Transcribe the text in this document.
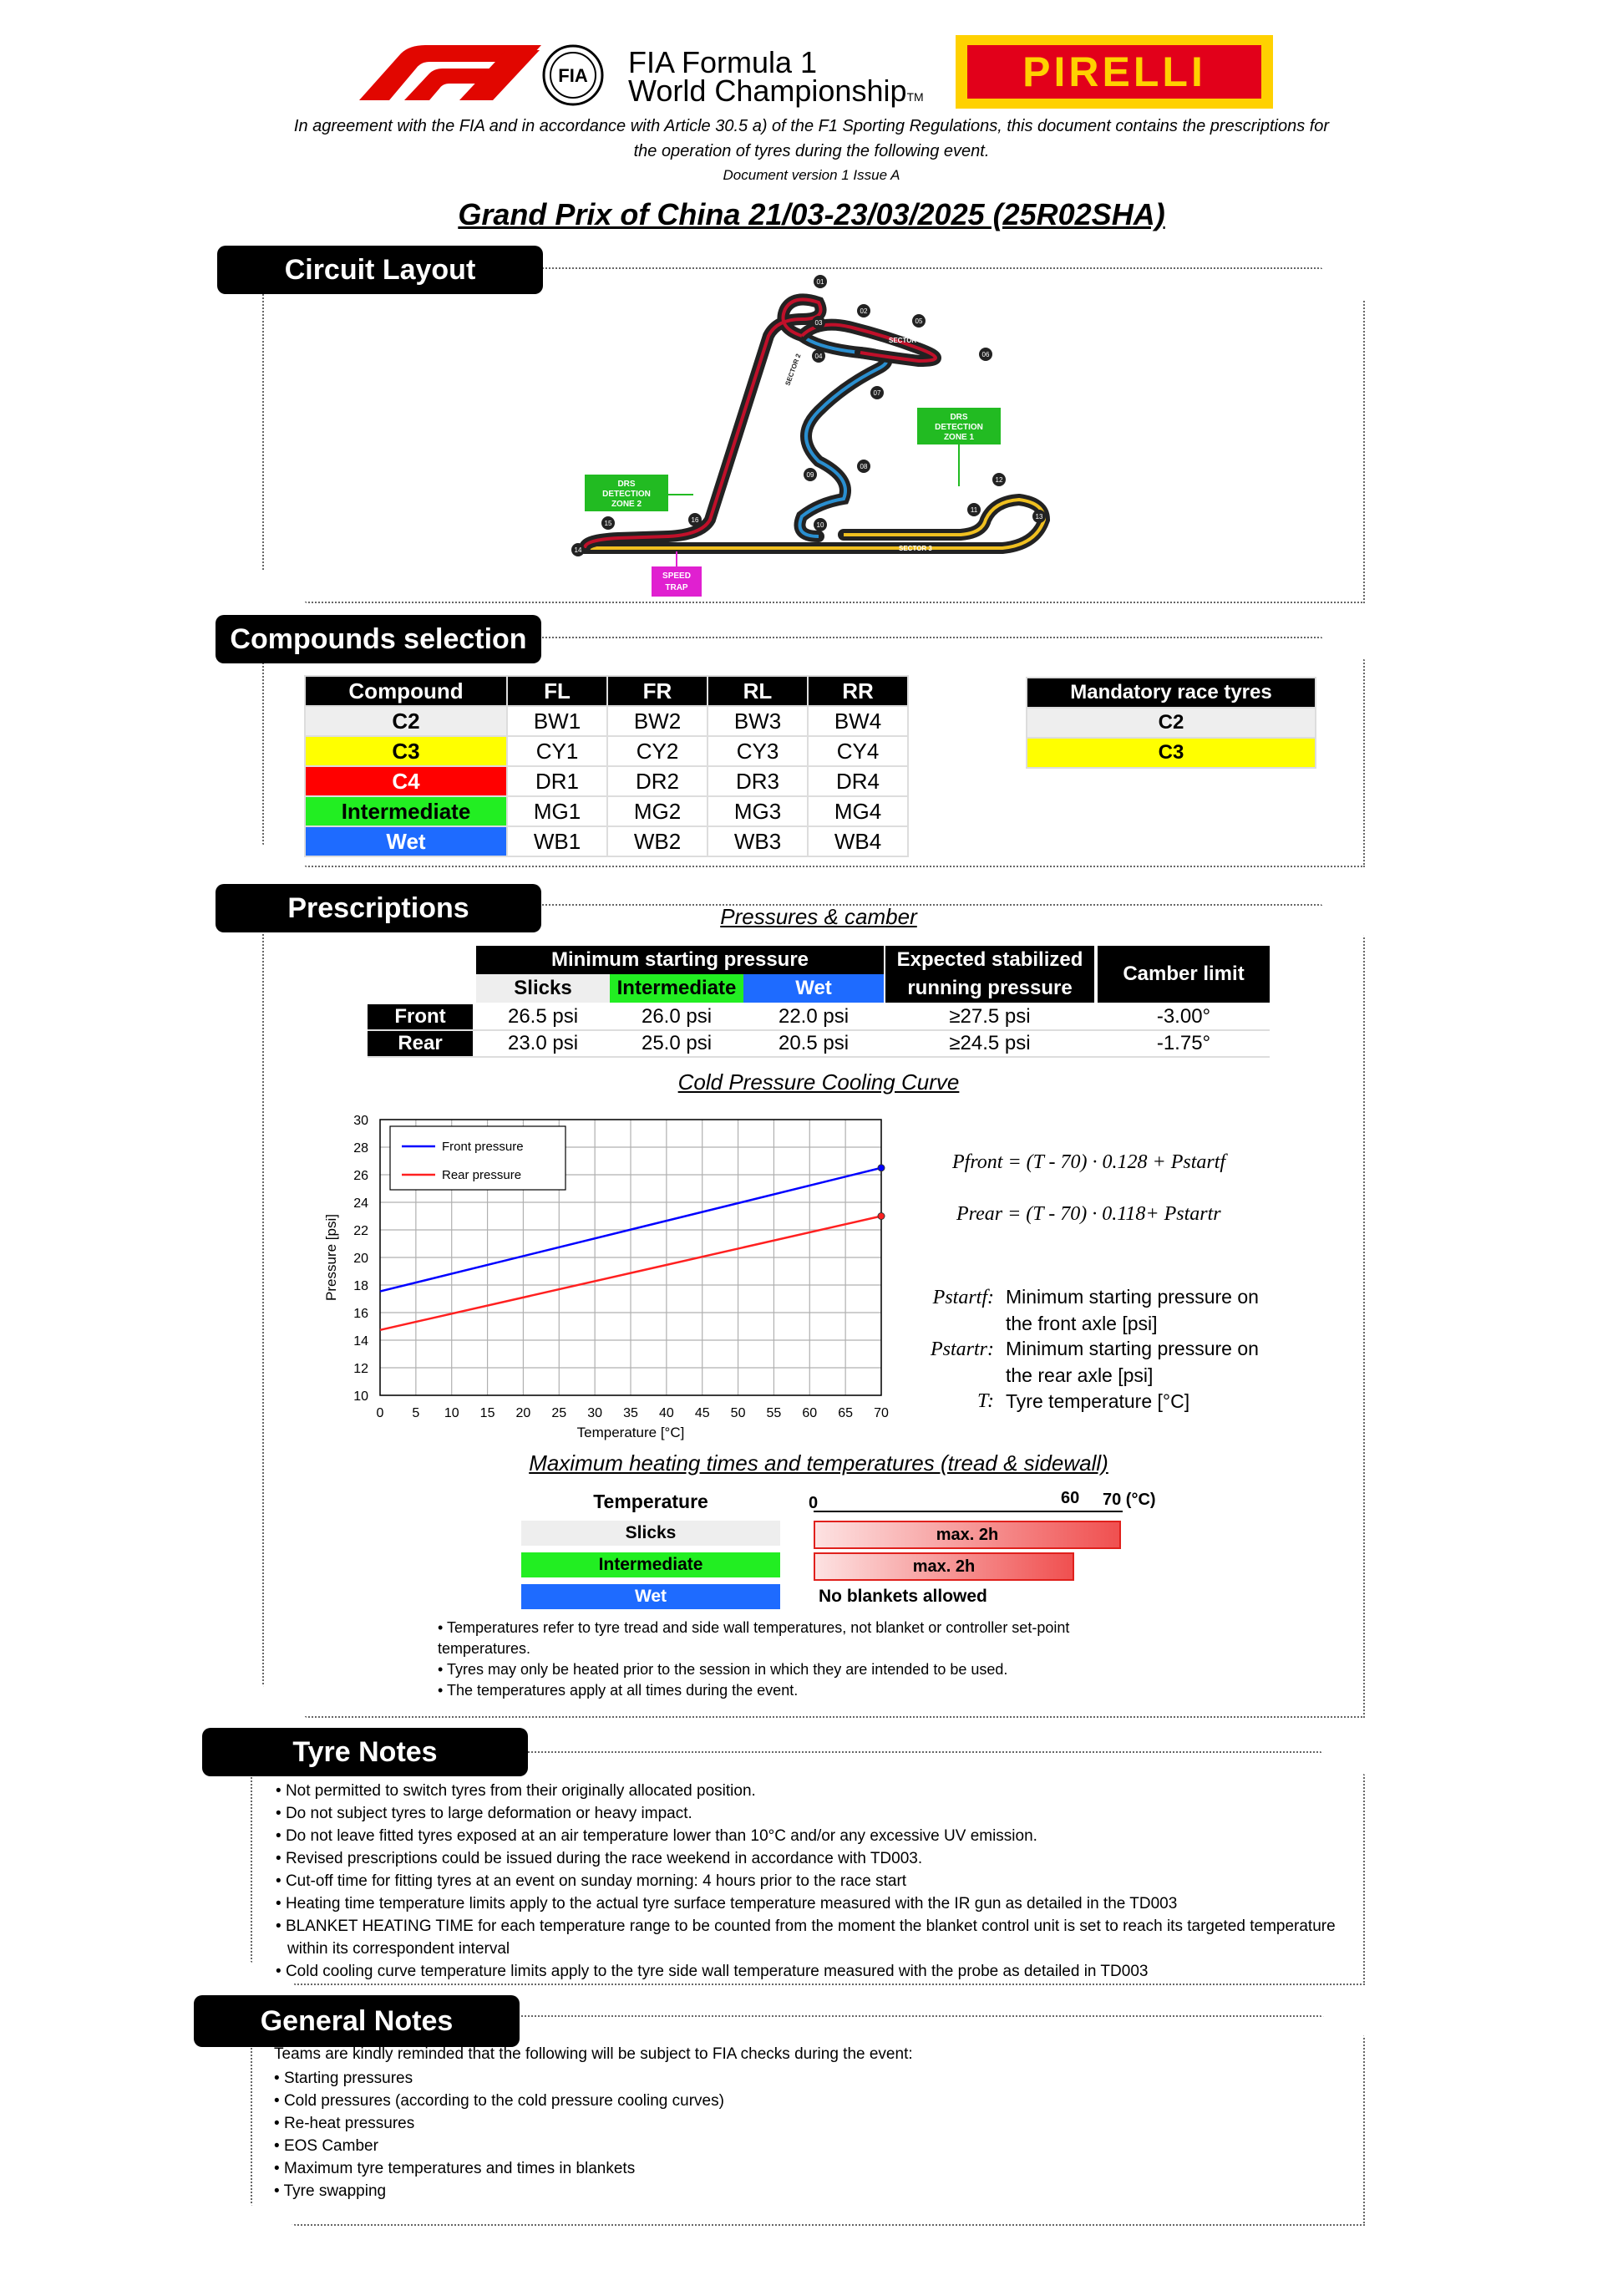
FIA FIA Formula 1
World ChampionshipTM
PIRELLI
In agreement with the FIA and in accordance with Article 30.5 a) of the F1 Sporting Regulations, this document contains the prescriptions for
the operation of tyres during the following event.
Document version 1 Issue A
Grand Prix of China 21/03-23/03/2025 (25R02SHA)
Circuit Layout	01
02
03
04
05
06
07
08
09
10
11
12
13
14
15	16
SECTOR 1
SECTOR 2
SECTOR 3
DRS
DETECTION
ZONE 1
DRS
DETECTION
ZONE 2
SPEED
TRAP
Compounds selection
Compound	FL	FR	RL	RR
C2	BW1	BW2	BW3	BW4
C3	CY1	CY2	CY3	CY4
C4	DR1	DR2	DR3	DR4
Intermediate	MG1	MG2	MG3	MG4
Wet	WB1	WB2	WB3	WB4
Mandatory race tyres
C2
C3
Prescriptions	Pressures & camber
Minimum starting pressure	Expected stabilized
running pressure
Camber limit
Slicks	Intermediate	Wet
Front	26.5 psi	26.0 psi	22.0 psi	≥27.5 psi	-3.00°
Rear	23.0 psi	25.0 psi	20.5 psi	≥24.5 psi	-1.75°
Cold Pressure Cooling Curve
0 5 10 15 20 25 30 35 40 45 50 55 60 65 70
10
12
14
16
18
20
22
24
26
28
30
Temperature [°C]
Pressure [psi]
Front pressure
Rear pressure
Pfront = (T - 70) · 0.128 + Pstartf
Prear = (T - 70) · 0.118+ Pstartr
Pstartf: Minimum starting pressure on
the front axle [psi]
Pstartr: Minimum starting pressure on
the rear axle [psi]
T: Tyre temperature [°C]
Maximum heating times and temperatures (tread & sidewall)
Temperature	0	60 70 (°C)
Slicks	max. 2h
Intermediate	max. 2h
Wet	No blankets allowed
• Temperatures refer to tyre tread and side wall temperatures, not blanket or controller set-point
temperatures.
• Tyres may only be heated prior to the session in which they are intended to be used.
• The temperatures apply at all times during the event.
Tyre Notes
• Not permitted to switch tyres from their originally allocated position.
• Do not subject tyres to large deformation or heavy impact.
• Do not leave fitted tyres exposed at an air temperature lower than 10°C and/or any excessive UV emission.
• Revised prescriptions could be issued during the race weekend in accordance with TD003.
• Cut-off time for fitting tyres at an event on sunday morning: 4 hours prior to the race start
• Heating time temperature limits apply to the actual tyre surface temperature measured with the IR gun as detailed in the TD003
• BLANKET HEATING TIME for each temperature range to be counted from the moment the blanket control unit is set to reach its targeted temperature
within its correspondent interval
• Cold cooling curve temperature limits apply to the tyre side wall temperature measured with the probe as detailed in TD003
General Notes
Teams are kindly reminded that the following will be subject to FIA checks during the event:
• Starting pressures
• Cold pressures (according to the cold pressure cooling curves)
• Re-heat pressures
• EOS Camber
• Maximum tyre temperatures and times in blankets
• Tyre swapping
